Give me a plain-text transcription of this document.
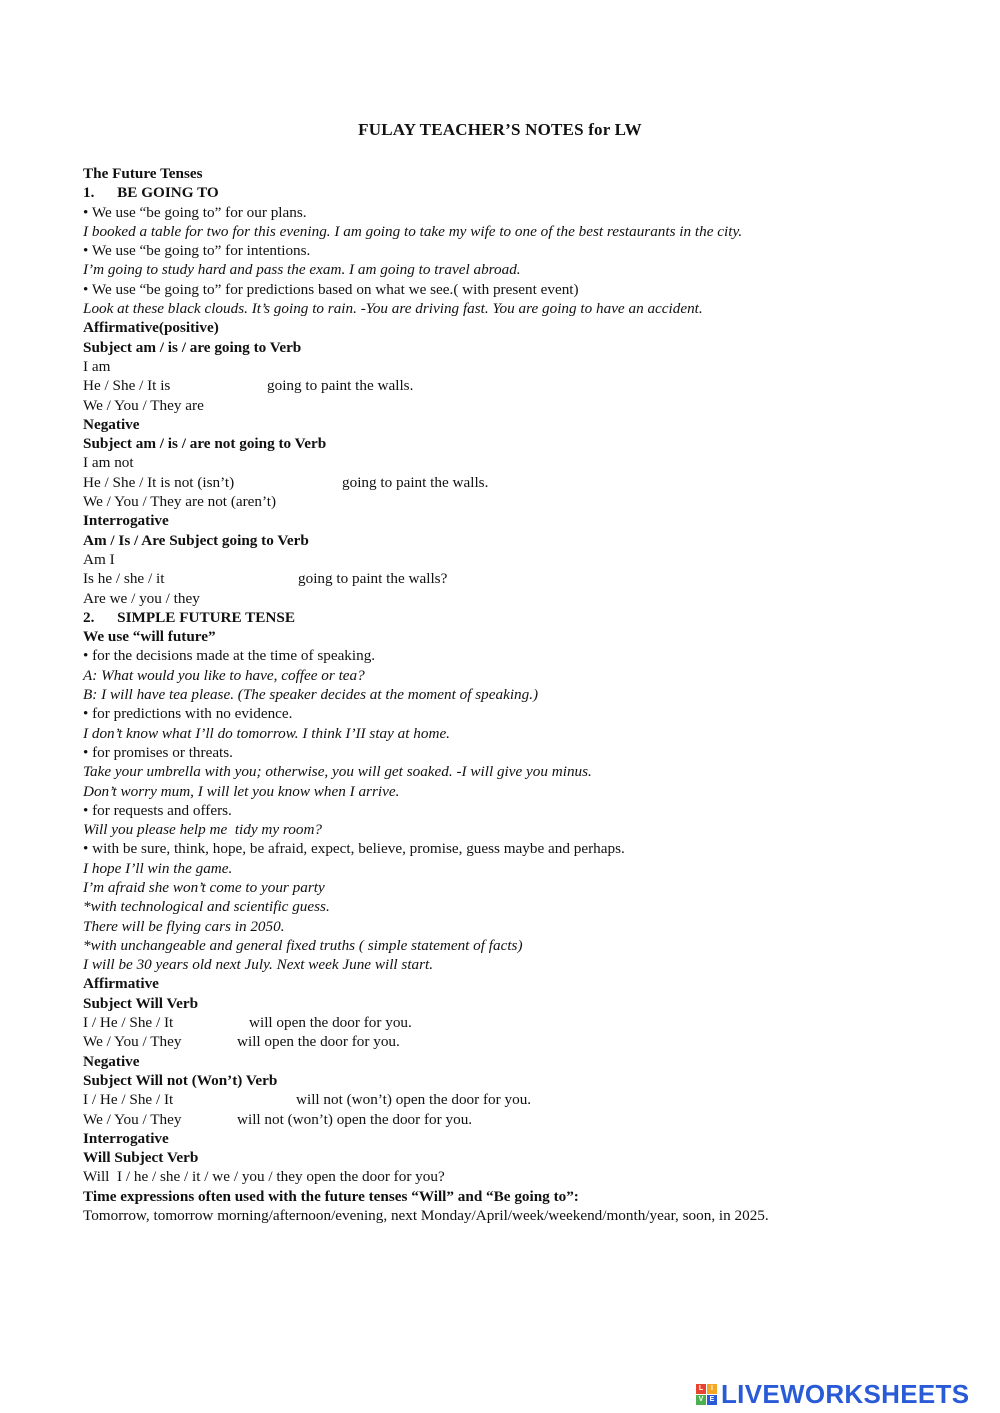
FULAY TEACHER’S NOTES for LW
The Future Tenses
1.      BE GOING TO
• We use “be going to” for our plans.
I booked a table for two for this evening. I am going to take my wife to one of the best restaurants in the city.
• We use “be going to” for intentions.
I’m going to study hard and pass the exam. I am going to travel abroad.
• We use “be going to” for predictions based on what we see.( with present event)
Look at these black clouds. It’s going to rain. -You are driving fast. You are going to have an accident.
Affirmative(positive)
Subject am / is / are going to Verb
I am
He / She / It is	going to paint the walls.
We / You / They are
Negative
Subject am / is / are not going to Verb
I am not
He / She / It is not (isn’t)	going to paint the walls.
We / You / They are not (aren’t)
Interrogative
Am / Is / Are Subject going to Verb
Am I
Is he / she / it	going to paint the walls?
Are we / you / they
2.      SIMPLE FUTURE TENSE
We use “will future”
• for the decisions made at the time of speaking.
A: What would you like to have, coffee or tea?
B: I will have tea please. (The speaker decides at the moment of speaking.)
• for predictions with no evidence.
I don’t know what I’ll do tomorrow. I think I’II stay at home.
• for promises or threats.
Take your umbrella with you; otherwise, you will get soaked. -I will give you minus.
Don’t worry mum, I will let you know when I arrive.
• for requests and offers.
Will you please help me  tidy my room?
• with be sure, think, hope, be afraid, expect, believe, promise, guess maybe and perhaps.
I hope I’ll win the game.
I’m afraid she won’t come to your party
*with technological and scientific guess.
There will be flying cars in 2050.
*with unchangeable and general fixed truths ( simple statement of facts)
I will be 30 years old next July. Next week June will start.
Affirmative
Subject Will Verb
I / He / She / It	will open the door for you.
We / You / They	will open the door for you.
Negative
Subject Will not (Won’t) Verb
I / He / She / It	will not (won’t) open the door for you.
We / You / They	will not (won’t) open the door for you.
Interrogative
Will Subject Verb
Will  I / he / she / it / we / you / they open the door for you?
Time expressions often used with the future tenses “Will” and “Be going to”:
Tomorrow, tomorrow morning/afternoon/evening, next Monday/April/week/weekend/month/year, soon, in 2025.
L	I
V E LIVEWORKSHEETS
